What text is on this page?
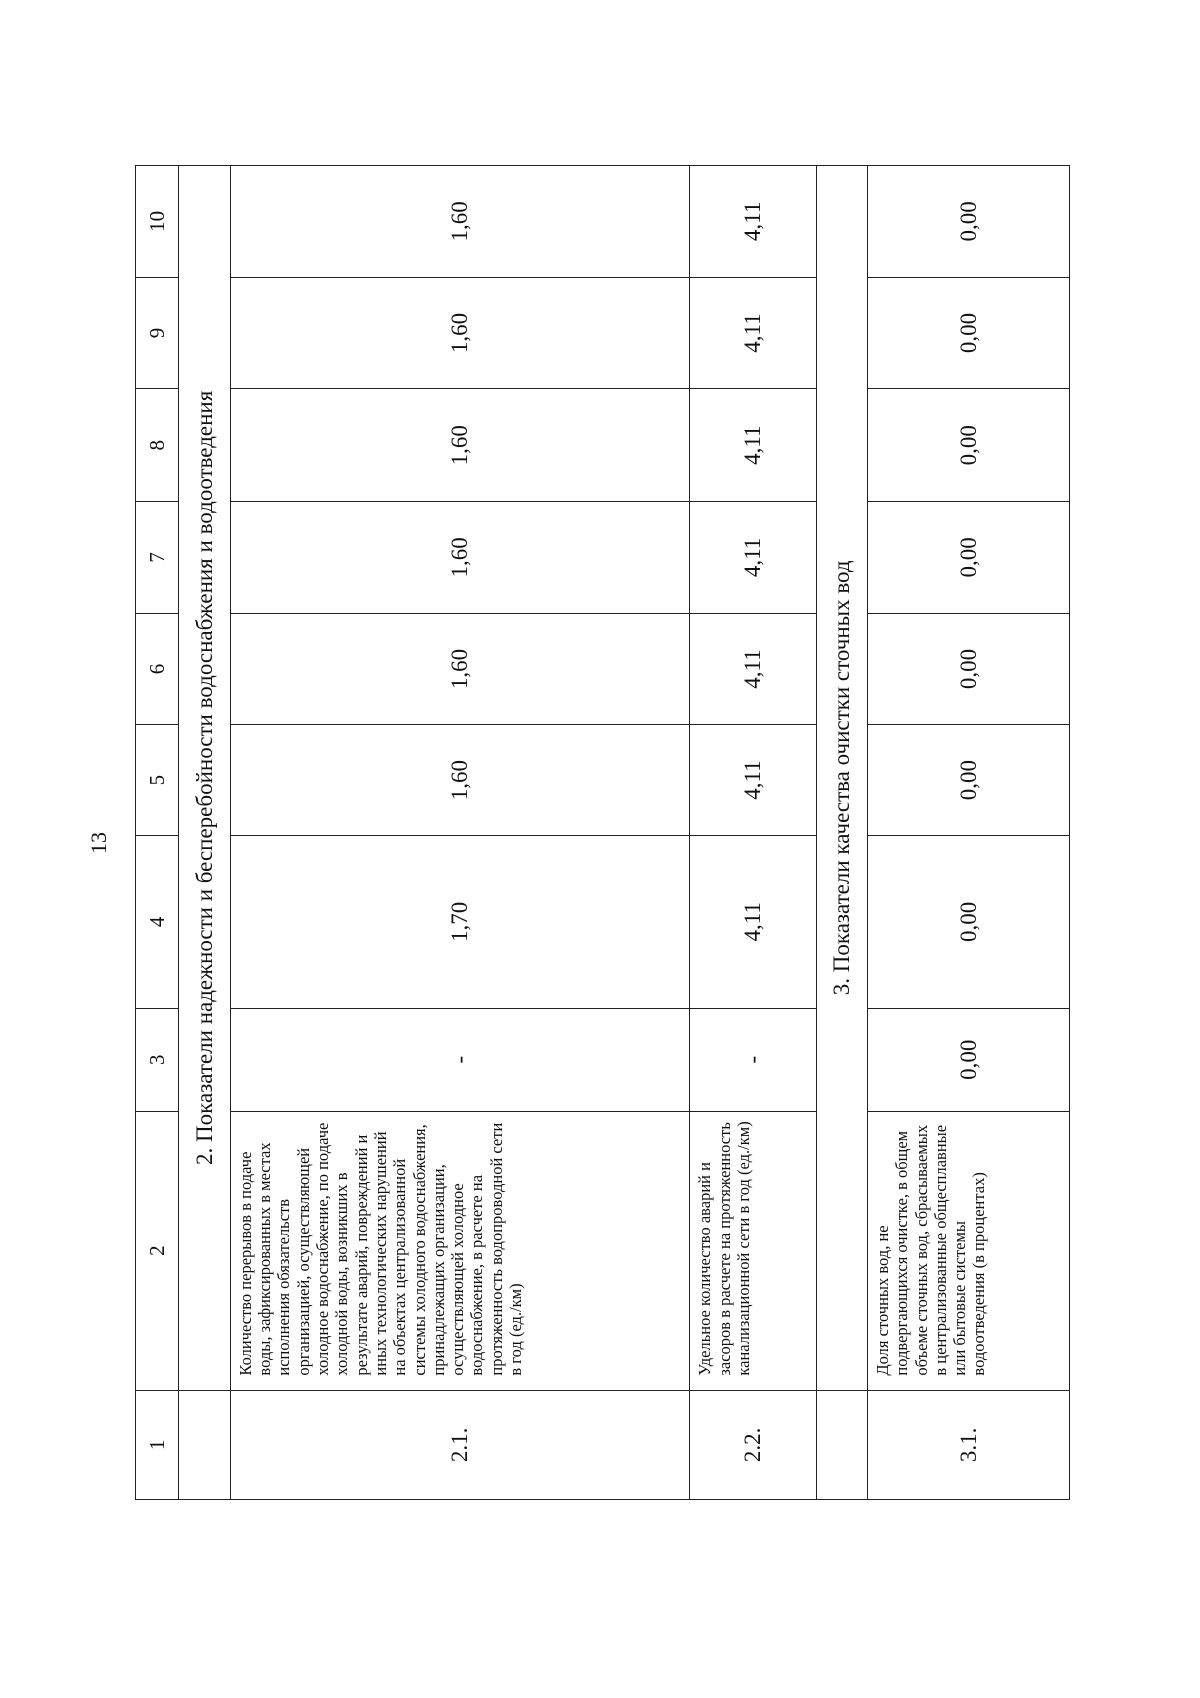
13
1	2	3	4	5	6	7	8	9	10
	2. Показатели надежности и бесперебойности водоснабжения и водоотведения								
2.1.	Количество перерывов в подаче воды, зафиксированных в местах исполнения обязательств организацией, осуществляющей холодное водоснабжение, по подаче холодной воды, возникших в результате аварий, повреждений и иных технологических нарушений на объектах централизованной системы холодного водоснабжения, принадлежащих организации, осуществляющей холодное водоснабжение, в расчете на протяженность водопроводной сети в год (ед./км)	-	1,70	1,60	1,60	1,60	1,60	1,60	1,60
2.2.	Удельное количество аварий и засоров в расчете на протяженность канализационной сети в год (ед./км)	-	4,11	4,11	4,11	4,11	4,11	4,11	4,11
	3. Показатели качества очистки сточных вод								
3.1.	Доля сточных вод, не подвергающихся очистке, в общем объеме сточных вод, сбрасываемых в централизованные общесплавные или бытовые системы водоотведения (в процентах)	0,00	0,00	0,00	0,00	0,00	0,00	0,00	0,00
